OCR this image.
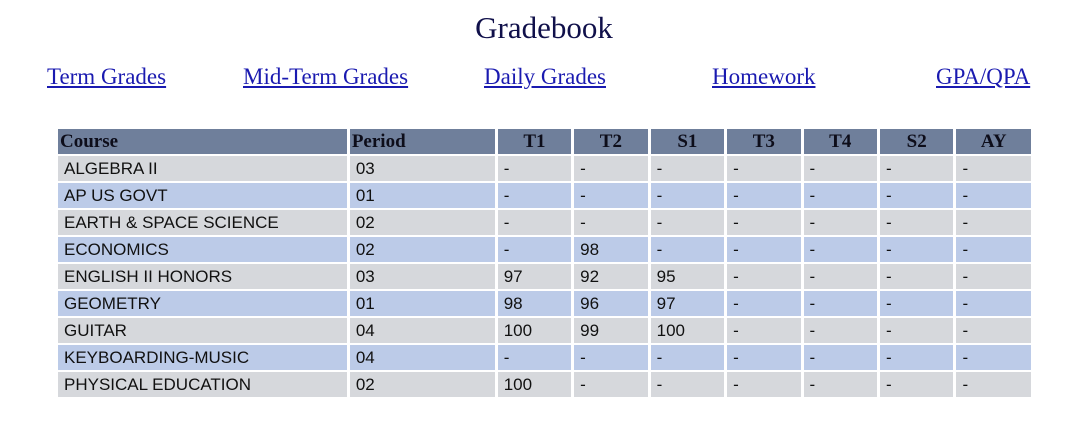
Gradebook
Term Grades	Mid-Term Grades	Daily Grades	Homework	GPA/QPA
Course	Period	T1	T2	S1	T3	T4	S2	AY
ALGEBRA II	03	-	-	-	-	-	-	-
AP US GOVT	01	-	-	-	-	-	-	-
EARTH & SPACE SCIENCE	02	-	-	-	-	-	-	-
ECONOMICS	02	-	98	-	-	-	-	-
ENGLISH II HONORS	03	97	92	95	-	-	-	-
GEOMETRY	01	98	96	97	-	-	-	-
GUITAR	04	100	99	100	-	-	-	-
KEYBOARDING-MUSIC	04	-	-	-	-	-	-	-
PHYSICAL EDUCATION	02	100	-	-	-	-	-	-
